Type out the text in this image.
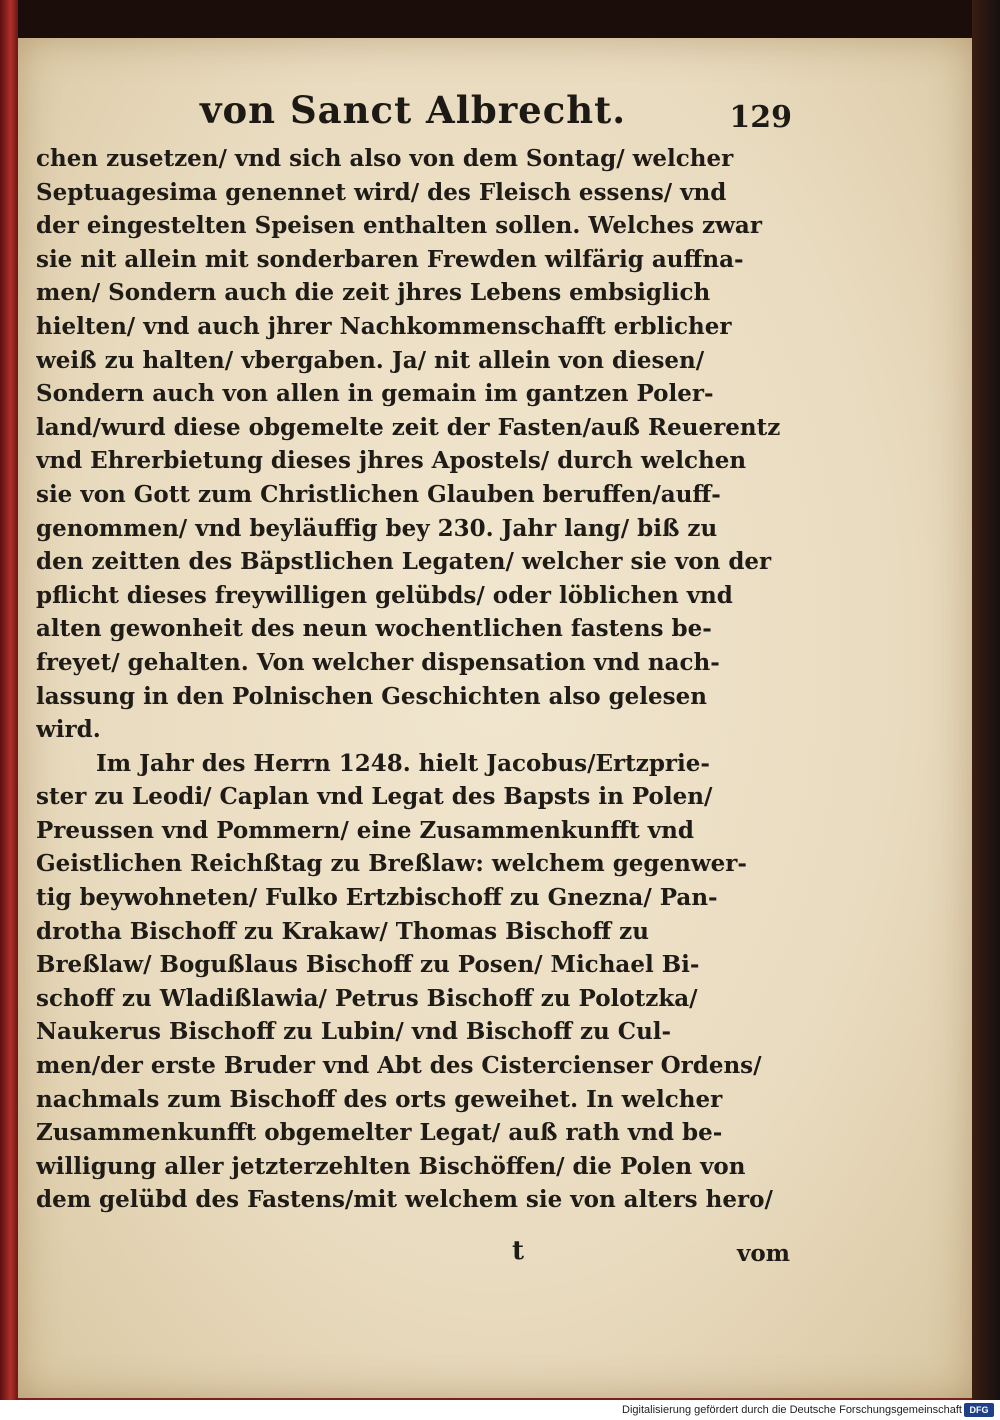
von Sanct Albrecht.	129
chen zusetzen/ vnd sich also von dem Sontag/ welcher
Septuagesima genennet wird/ des Fleisch essens/ vnd
der eingestelten Speisen enthalten sollen. Welches zwar
sie nit allein mit sonderbaren Frewden wilfärig auffna-
men/ Sondern auch die zeit jhres Lebens embsiglich
hielten/ vnd auch jhrer Nachkommenschafft erblicher
weiß zu halten/ vbergaben. Ja/ nit allein von diesen/
Sondern auch von allen in gemain im gantzen Poler-
land/wurd diese obgemelte zeit der Fasten/auß Reuerentz
vnd Ehrerbietung dieses jhres Apostels/ durch welchen
sie von Gott zum Christlichen Glauben beruffen/auff-
genommen/ vnd beyläuffig bey 230. Jahr lang/ biß zu
den zeitten des Bäpstlichen Legaten/ welcher sie von der
pflicht dieses freywilligen gelübds/ oder löblichen vnd
alten gewonheit des neun wochentlichen fastens be-
freyet/ gehalten. Von welcher dispensation vnd nach-
lassung in den Polnischen Geschichten also gelesen
wird.
Im Jahr des Herrn 1248. hielt Jacobus/Ertzprie-
ster zu Leodi/ Caplan vnd Legat des Bapsts in Polen/
Preussen vnd Pommern/ eine Zusammenkunfft vnd
Geistlichen Reichßtag zu Breßlaw: welchem gegenwer-
tig beywohneten/ Fulko Ertzbischoff zu Gnezna/ Pan-
drotha Bischoff zu Krakaw/ Thomas Bischoff zu
Breßlaw/ Bogußlaus Bischoff zu Posen/ Michael Bi-
schoff zu Wladißlawia/ Petrus Bischoff zu Polotzka/
Naukerus Bischoff zu Lubin/ vnd Bischoff zu Cul-
men/der erste Bruder vnd Abt des Cistercienser Ordens/
nachmals zum Bischoff des orts geweihet. In welcher
Zusammenkunfft obgemelter Legat/ auß rath vnd be-
willigung aller jetzterzehlten Bischöffen/ die Polen von
dem gelübd des Fastens/mit welchem sie von alters hero/
t	vom
Digitalisierung gefördert durch die Deutsche Forschungsgemeinschaft DFG
